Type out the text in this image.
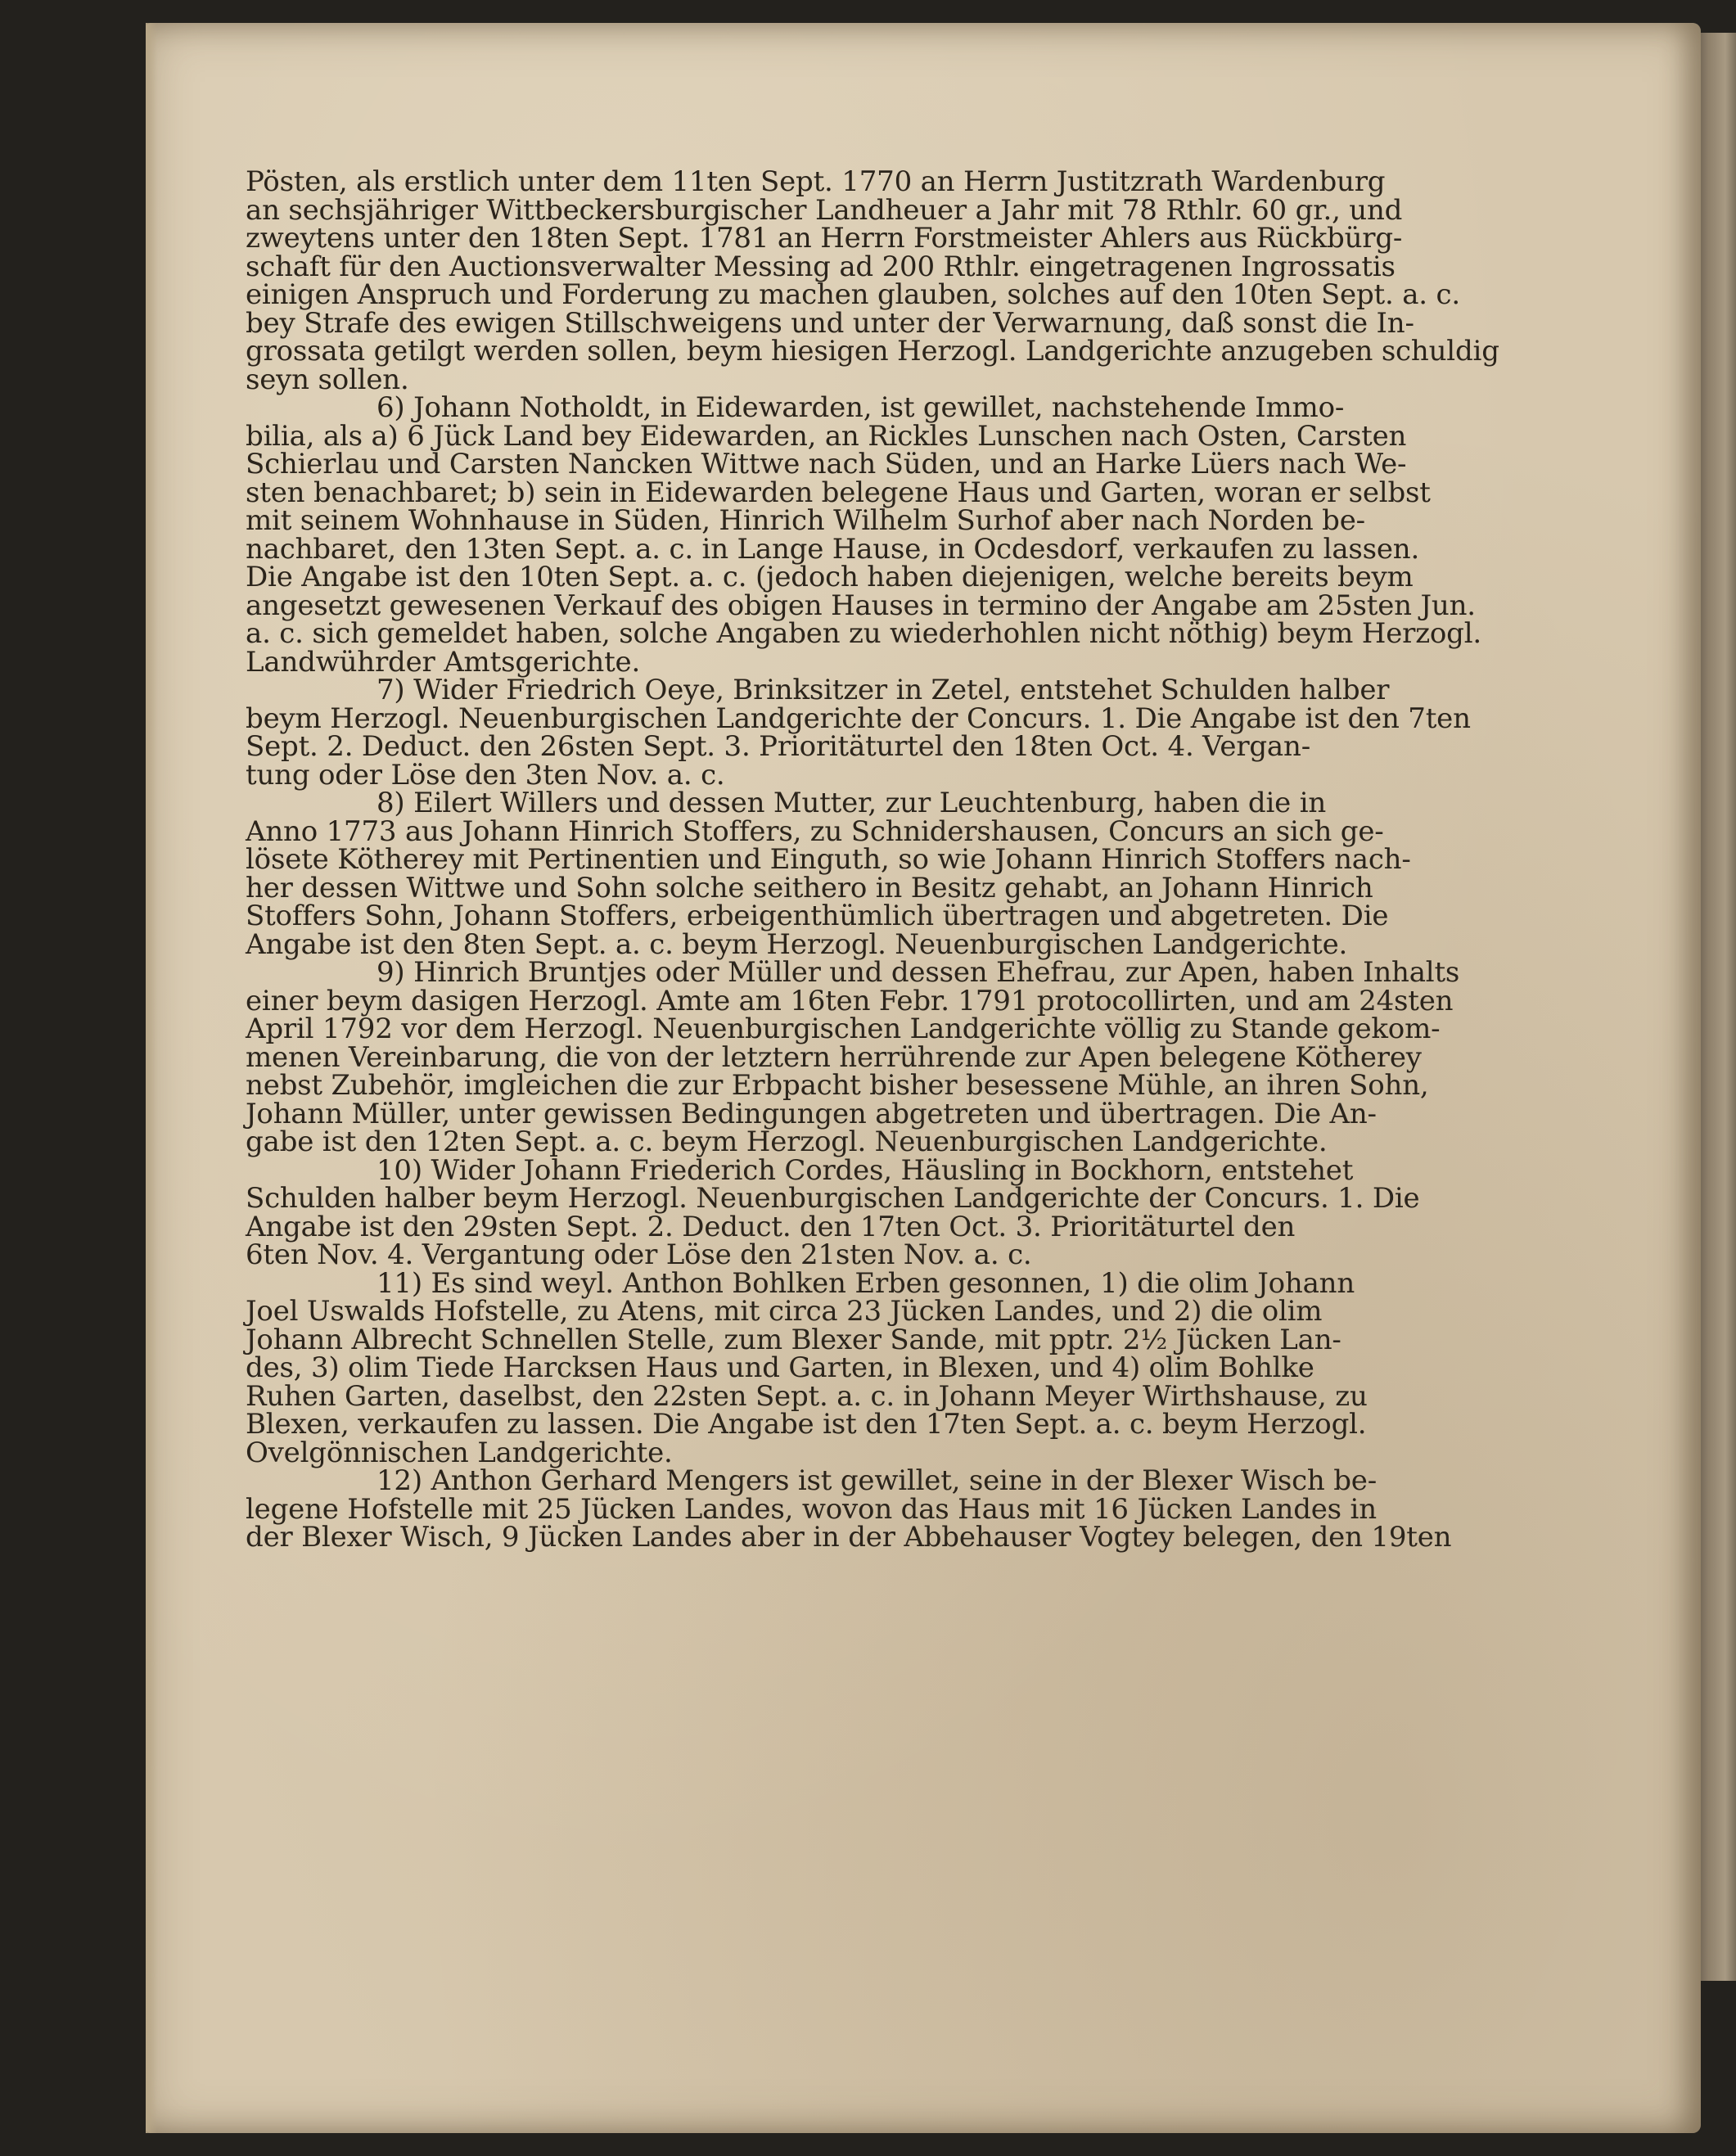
Pösten, als erstlich unter dem 11ten Sept. 1770 an Herrn Justitzrath Wardenburg
an sechsjähriger Wittbeckersburgischer Landheuer a Jahr mit 78 Rthlr. 60 gr., und
zweytens unter den 18ten Sept. 1781 an Herrn Forstmeister Ahlers aus Rückbürg-
schaft für den Auctionsverwalter Messing ad 200 Rthlr. eingetragenen Ingrossatis
einigen Anspruch und Forderung zu machen glauben, solches auf den 10ten Sept. a. c.
bey Strafe des ewigen Stillschweigens und unter der Verwarnung, daß sonst die In-
grossata getilgt werden sollen, beym hiesigen Herzogl. Landgerichte anzugeben schuldig
seyn sollen.
6) Johann Notholdt, in Eidewarden, ist gewillet, nachstehende Immo-
bilia, als a) 6 Jück Land bey Eidewarden, an Rickles Lunschen nach Osten, Carsten
Schierlau und Carsten Nancken Wittwe nach Süden, und an Harke Lüers nach We-
sten benachbaret; b) sein in Eidewarden belegene Haus und Garten, woran er selbst
mit seinem Wohnhause in Süden, Hinrich Wilhelm Surhof aber nach Norden be-
nachbaret, den 13ten Sept. a. c. in Lange Hause, in Ocdesdorf, verkaufen zu lassen.
Die Angabe ist den 10ten Sept. a. c. (jedoch haben diejenigen, welche bereits beym
angesetzt gewesenen Verkauf des obigen Hauses in termino der Angabe am 25sten Jun.
a. c. sich gemeldet haben, solche Angaben zu wiederhohlen nicht nöthig) beym Herzogl.
Landwührder Amtsgerichte.
7) Wider Friedrich Oeye, Brinksitzer in Zetel, entstehet Schulden halber
beym Herzogl. Neuenburgischen Landgerichte der Concurs. 1. Die Angabe ist den 7ten
Sept. 2. Deduct. den 26sten Sept. 3. Prioritäturtel den 18ten Oct. 4. Vergan-
tung oder Löse den 3ten Nov. a. c.
8) Eilert Willers und dessen Mutter, zur Leuchtenburg, haben die in
Anno 1773 aus Johann Hinrich Stoffers, zu Schnidershausen, Concurs an sich ge-
lösete Kötherey mit Pertinentien und Einguth, so wie Johann Hinrich Stoffers nach-
her dessen Wittwe und Sohn solche seithero in Besitz gehabt, an Johann Hinrich
Stoffers Sohn, Johann Stoffers, erbeigenthümlich übertragen und abgetreten. Die
Angabe ist den 8ten Sept. a. c. beym Herzogl. Neuenburgischen Landgerichte.
9) Hinrich Bruntjes oder Müller und dessen Ehefrau, zur Apen, haben Inhalts
einer beym dasigen Herzogl. Amte am 16ten Febr. 1791 protocollirten, und am 24sten
April 1792 vor dem Herzogl. Neuenburgischen Landgerichte völlig zu Stande gekom-
menen Vereinbarung, die von der letztern herrührende zur Apen belegene Kötherey
nebst Zubehör, imgleichen die zur Erbpacht bisher besessene Mühle, an ihren Sohn,
Johann Müller, unter gewissen Bedingungen abgetreten und übertragen. Die An-
gabe ist den 12ten Sept. a. c. beym Herzogl. Neuenburgischen Landgerichte.
10) Wider Johann Friederich Cordes, Häusling in Bockhorn, entstehet
Schulden halber beym Herzogl. Neuenburgischen Landgerichte der Concurs. 1. Die
Angabe ist den 29sten Sept. 2. Deduct. den 17ten Oct. 3. Prioritäturtel den
6ten Nov. 4. Vergantung oder Löse den 21sten Nov. a. c.
11) Es sind weyl. Anthon Bohlken Erben gesonnen, 1) die olim Johann
Joel Uswalds Hofstelle, zu Atens, mit circa 23 Jücken Landes, und 2) die olim
Johann Albrecht Schnellen Stelle, zum Blexer Sande, mit pptr. 2½ Jücken Lan-
des, 3) olim Tiede Harcksen Haus und Garten, in Blexen, und 4) olim Bohlke
Ruhen Garten, daselbst, den 22sten Sept. a. c. in Johann Meyer Wirthshause, zu
Blexen, verkaufen zu lassen. Die Angabe ist den 17ten Sept. a. c. beym Herzogl.
Ovelgönnischen Landgerichte.
12) Anthon Gerhard Mengers ist gewillet, seine in der Blexer Wisch be-
legene Hofstelle mit 25 Jücken Landes, wovon das Haus mit 16 Jücken Landes in
der Blexer Wisch, 9 Jücken Landes aber in der Abbehauser Vogtey belegen, den 19ten
